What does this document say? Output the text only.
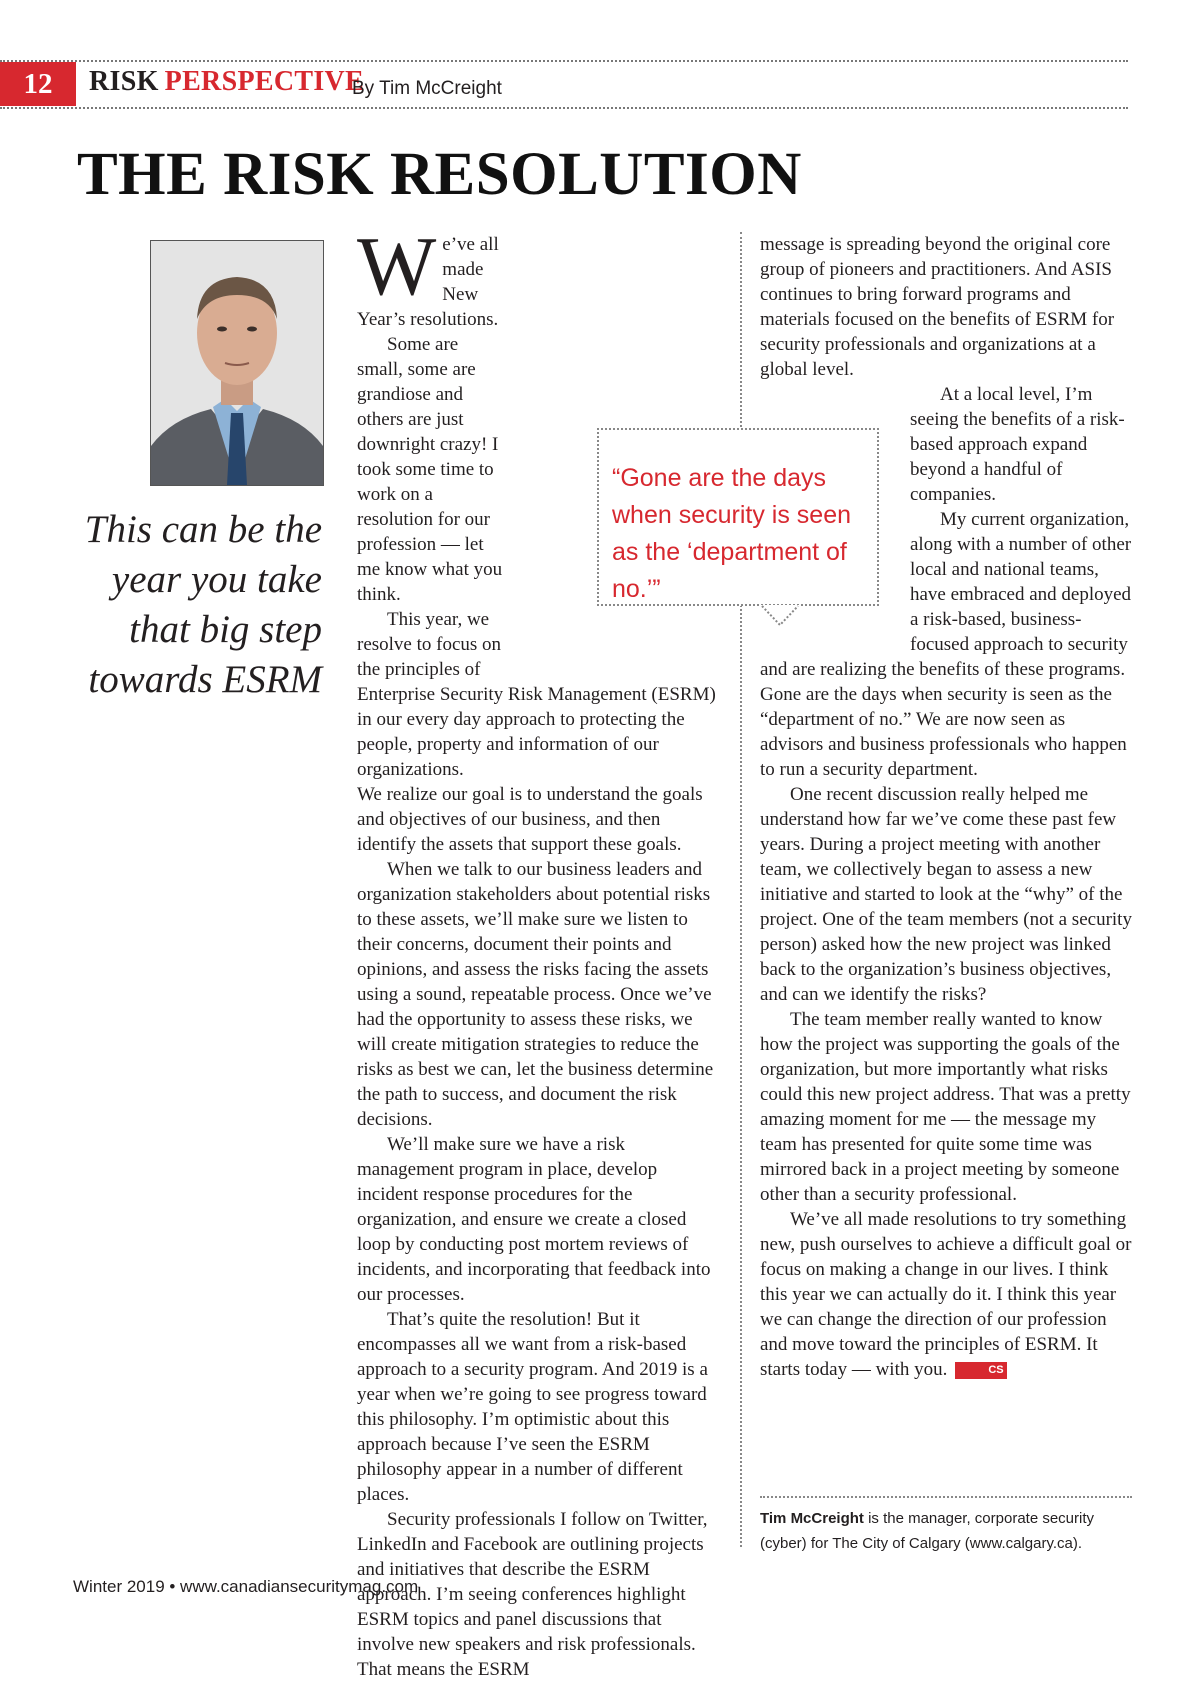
12	RISK PERSPECTIVE
By Tim McCreight
THE RISK RESOLUTION
This can be the year you take that big step towards ESRM
W e’ve all made New Year’s resolutions.

Some are small, some are grandiose and others are just downright crazy! I took some time to work on a resolution for our profession — let me know what you think.

This year, we resolve to focus on the principles of Enterprise Security Risk Management (ESRM) in our every day approach to protecting the people, property and information of our organizations.

We realize our goal is to understand the goals and objectives of our business, and then identify the assets that support these goals.

When we talk to our business leaders and organization stakeholders about potential risks to these assets, we’ll make sure we listen to their concerns, document their points and opinions, and assess the risks facing the assets using a sound, repeatable process. Once we’ve had the opportunity to assess these risks, we will create mitigation strategies to reduce the risks as best we can, let the business determine the path to success, and document the risk decisions.

We’ll make sure we have a risk management program in place, develop incident response procedures for the organization, and ensure we create a closed loop by conducting post mortem reviews of incidents, and incorporating that feedback into our processes.

That’s quite the resolution! But it encompasses all we want from a risk-based approach to a security program. And 2019 is a year when we’re going to see progress toward this philosophy. I’m optimistic about this approach because I’ve seen the ESRM philosophy appear in a number of different places.

Security professionals I follow on Twitter, LinkedIn and Facebook are outlining projects and initiatives that describe the ESRM approach. I’m seeing conferences highlight ESRM topics and panel discussions that involve new speakers and risk professionals. That means the ESRM

message is spreading beyond the original core group of pioneers and practitioners. And ASIS continues to bring forward programs and materials focused on the benefits of ESRM for security professionals and organizations at a global level.

At a local level, I’m seeing the benefits of a risk-based approach expand beyond a handful of companies.

My current organization, along with a number of other local and national teams, have embraced and deployed a risk-based, business-focused approach to security and are realizing the benefits of these programs. Gone are the days when security is seen as the “department of no.” We are now seen as advisors and business professionals who happen to run a security department.

One recent discussion really helped me understand how far we’ve come these past few years. During a project meeting with another team, we collectively began to assess a new initiative and started to look at the “why” of the project. One of the team members (not a security person) asked how the new project was linked back to the organization’s business objectives, and can we identify the risks?

The team member really wanted to know how the project was supporting the goals of the organization, but more importantly what risks could this new project address. That was a pretty amazing moment for me — the message my team has presented for quite some time was mirrored back in a project meeting by someone other than a security professional.

We’ve all made resolutions to try something new, push ourselves to achieve a difficult goal or focus on making a change in our lives. I think this year we can actually do it. I think this year we can change the direction of our profession and move toward the principles of ESRM. It starts today — with you.	CS

“Gone are the days when security is seen as the ‘department of no.’”
Tim McCreight is the manager, corporate security (cyber) for The City of Calgary (www.calgary.ca).
Winter 2019 • www.canadiansecuritymag.com
